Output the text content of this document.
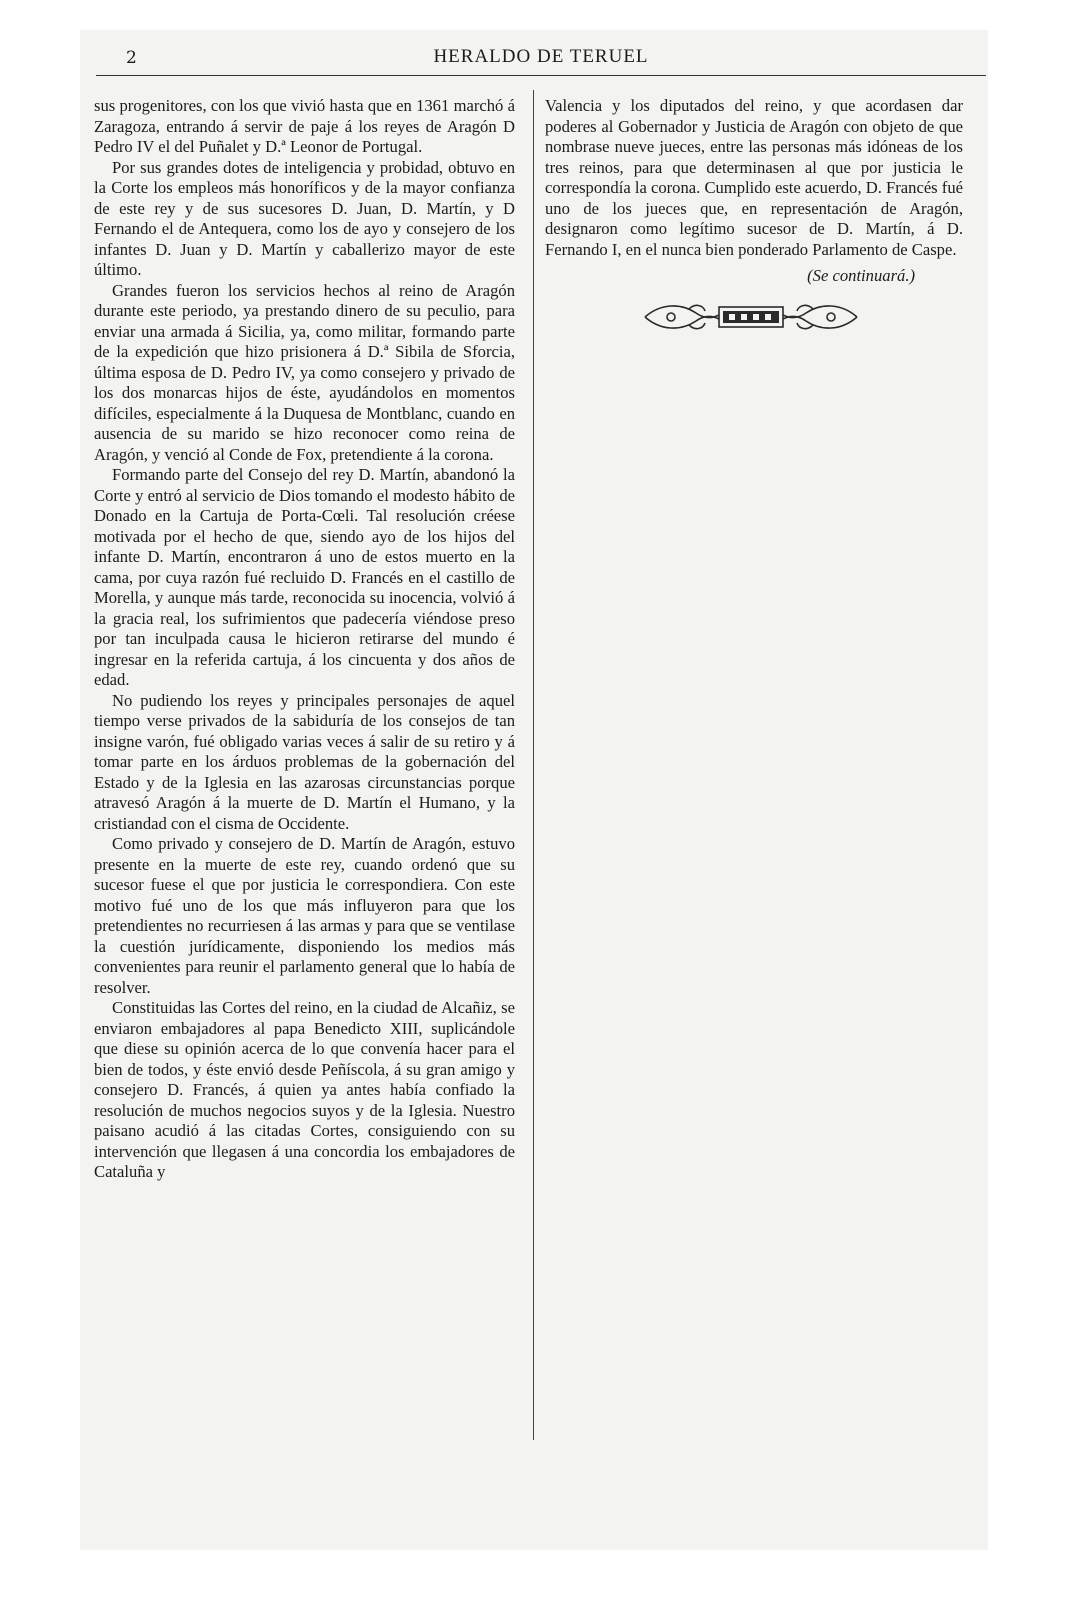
2	HERALDO DE TERUEL

sus progenitores, con los que vivió hasta que en 1361 marchó á Zaragoza, entrando á servir de paje á los reyes de Aragón D Pedro IV el del Puñalet y D.ª Leonor de Portugal.

Por sus grandes dotes de inteligencia y probidad, obtuvo en la Corte los empleos más honoríficos y de la mayor confianza de este rey y de sus sucesores D. Juan, D. Martín, y D Fernando el de Antequera, como los de ayo y consejero de los infantes D. Juan y D. Martín y caballerizo mayor de este último.

Grandes fueron los servicios hechos al reino de Aragón durante este periodo, ya prestando dinero de su peculio, para enviar una armada á Sicilia, ya, como militar, formando parte de la expedición que hizo prisionera á D.ª Sibila de Sforcia, última esposa de D. Pedro IV, ya como consejero y privado de los dos monarcas hijos de éste, ayudándolos en momentos difíciles, especialmente á la Duquesa de Montblanc, cuando en ausencia de su marido se hizo reconocer como reina de Aragón, y venció al Conde de Fox, pretendiente á la corona.

Formando parte del Consejo del rey D. Martín, abandonó la Corte y entró al servicio de Dios tomando el modesto hábito de Donado en la Cartuja de Porta-Cœli. Tal resolución créese motivada por el hecho de que, siendo ayo de los hijos del infante D. Martín, encontraron á uno de estos muerto en la cama, por cuya razón fué recluido D. Francés en el castillo de Morella, y aunque más tarde, reconocida su inocencia, volvió á la gracia real, los sufrimientos que padecería viéndose preso por tan inculpada causa le hicieron retirarse del mundo é ingresar en la referida cartuja, á los cincuenta y dos años de edad.

No pudiendo los reyes y principales personajes de aquel tiempo verse privados de la sabiduría de los consejos de tan insigne varón, fué obligado varias veces á salir de su retiro y á tomar parte en los árduos problemas de la gobernación del Estado y de la Iglesia en las azarosas circunstancias porque atravesó Aragón á la muerte de D. Martín el Humano, y la cristiandad con el cisma de Occidente.

Como privado y consejero de D. Martín de Aragón, estuvo presente en la muerte de este rey, cuando ordenó que su sucesor fuese el que por justicia le correspondiera. Con este motivo fué uno de los que más influyeron para que los pretendientes no recurriesen á las armas y para que se ventilase la cuestión jurídicamente, disponiendo los medios más convenientes para reunir el parlamento general que lo había de resolver.

Constituidas las Cortes del reino, en la ciudad de Alcañiz, se enviaron embajadores al papa Benedicto XIII, suplicándole que diese su opinión acerca de lo que convenía hacer para el bien de todos, y éste envió desde Peñíscola, á su gran amigo y consejero D. Francés, á quien ya antes había confiado la resolución de muchos negocios suyos y de la Iglesia. Nuestro paisano acudió á las citadas Cortes, consiguiendo con su intervención que llegasen á una concordia los embajadores de Cataluña y

Valencia y los diputados del reino, y que acordasen dar poderes al Gobernador y Justicia de Aragón con objeto de que nombrase nueve jueces, entre las personas más idóneas de los tres reinos, para que determinasen al que por justicia le correspondía la corona. Cumplido este acuerdo, D. Francés fué uno de los jueces que, en representación de Aragón, designaron como legítimo sucesor de D. Martín, á D. Fernando I, en el nunca bien ponderado Parlamento de Caspe.

(Se continuará.)
